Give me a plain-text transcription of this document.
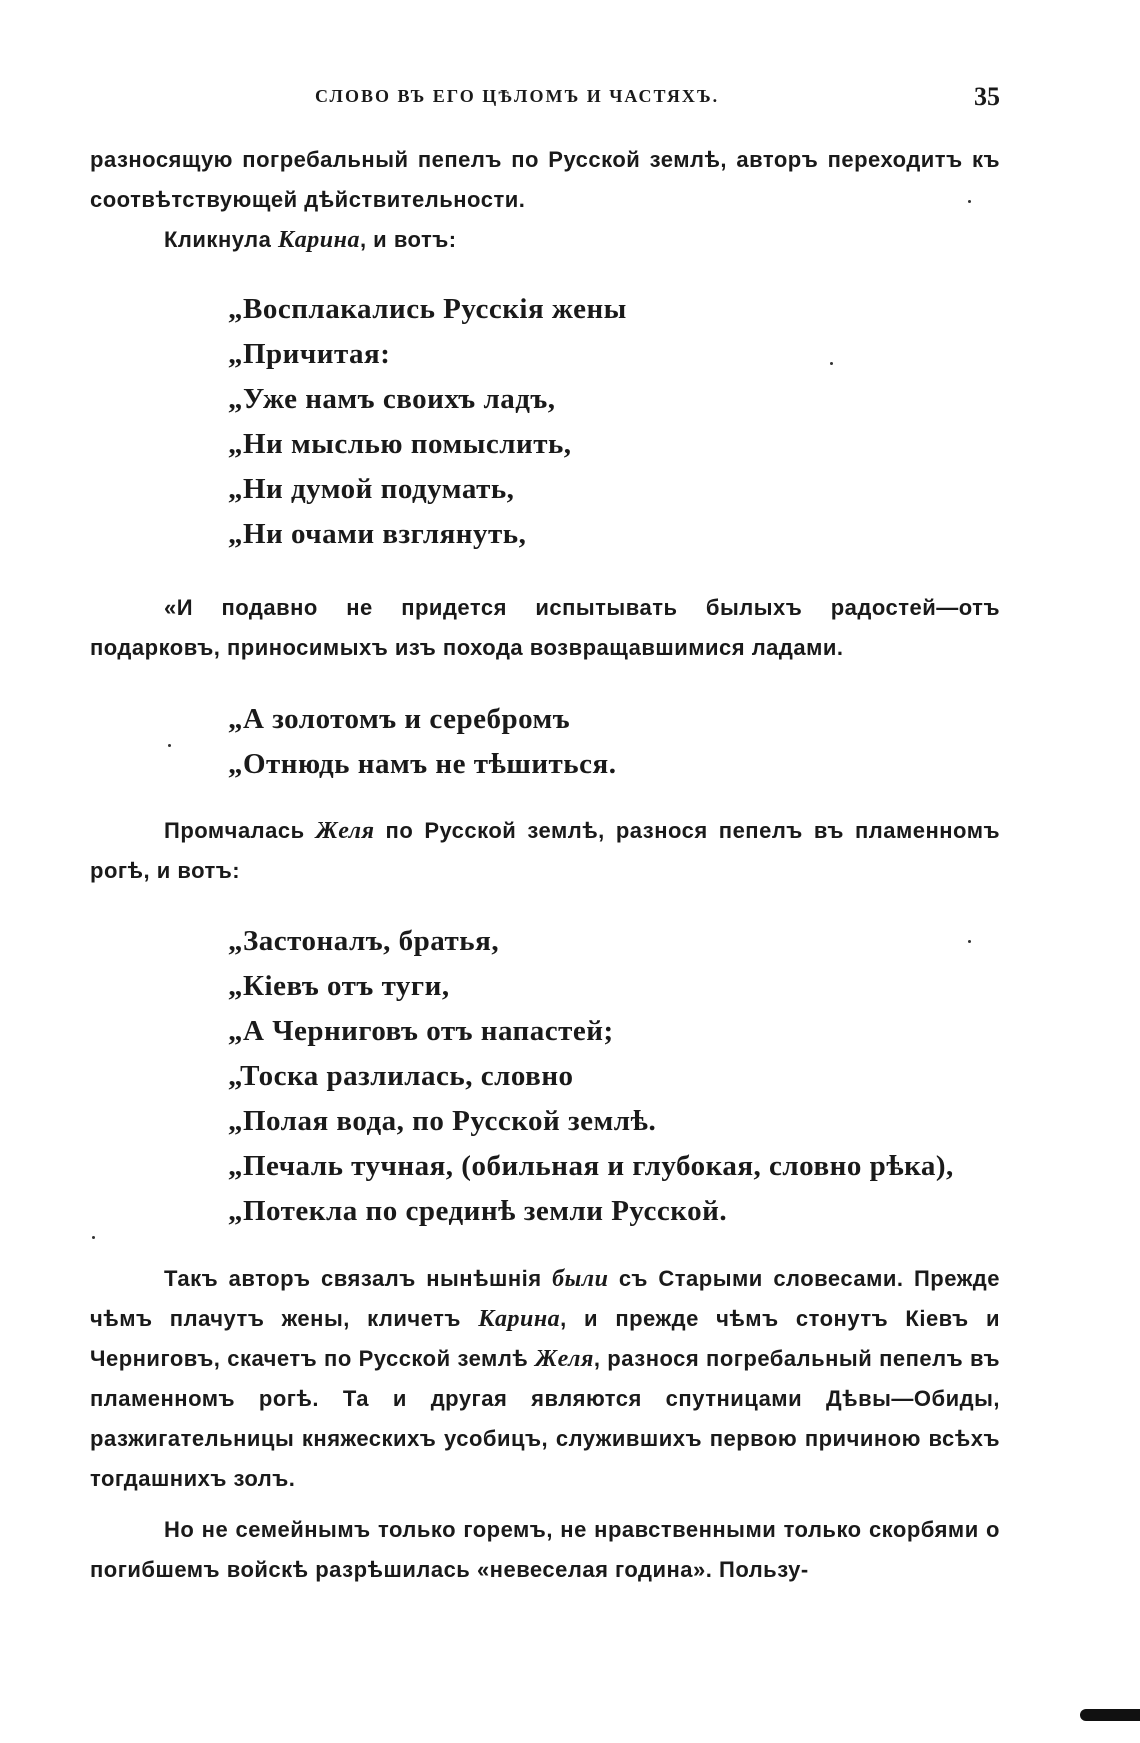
СЛОВО ВЪ ЕГО ЦѢЛОМЪ И ЧАСТЯХЪ.	35

разносящую погребальный пепелъ по Русской землѣ, авторъ переходитъ къ соотвѣтствующей дѣйствительности.

Кликнула Карина, и вотъ:

„Восплакались Русскія жены
„Причитая:
„Уже намъ своихъ ладъ,
„Ни мыслью помыслить,
„Ни думой подумать,
„Ни очами взглянуть,

«И подавно не придется испытывать былыхъ радостей—отъ подарковъ, приносимыхъ изъ похода возвращавшимися ладами.

„А золотомъ и серебромъ
„Отнюдь намъ не тѣшиться.

Промчалась Желя по Русской землѣ, разнося пепелъ въ пламенномъ рогѣ, и вотъ:

„Застоналъ, братья,
„Кіевъ отъ туги,
„А Черниговъ отъ напастей;
„Тоска разлилась, словно
„Полая вода, по Русской землѣ.
„Печаль тучная, (обильная и глубокая, словно рѣка),
„Потекла по срединѣ земли Русской.

Такъ авторъ связалъ нынѣшнія были съ Старыми словесами. Прежде чѣмъ плачутъ жены, кличетъ Карина, и прежде чѣмъ стонутъ Кіевъ и Черниговъ, скачетъ по Русской землѣ Желя, разнося погребальный пепелъ въ пламенномъ рогѣ. Та и другая являются спутницами Дѣвы—Обиды, разжигательницы княжескихъ усобицъ, служившихъ первою причиною всѣхъ тогдашнихъ золъ.

Но не семейнымъ только горемъ, не нравственными только скорбями о погибшемъ войскѣ разрѣшилась «невеселая година». Пользу-
